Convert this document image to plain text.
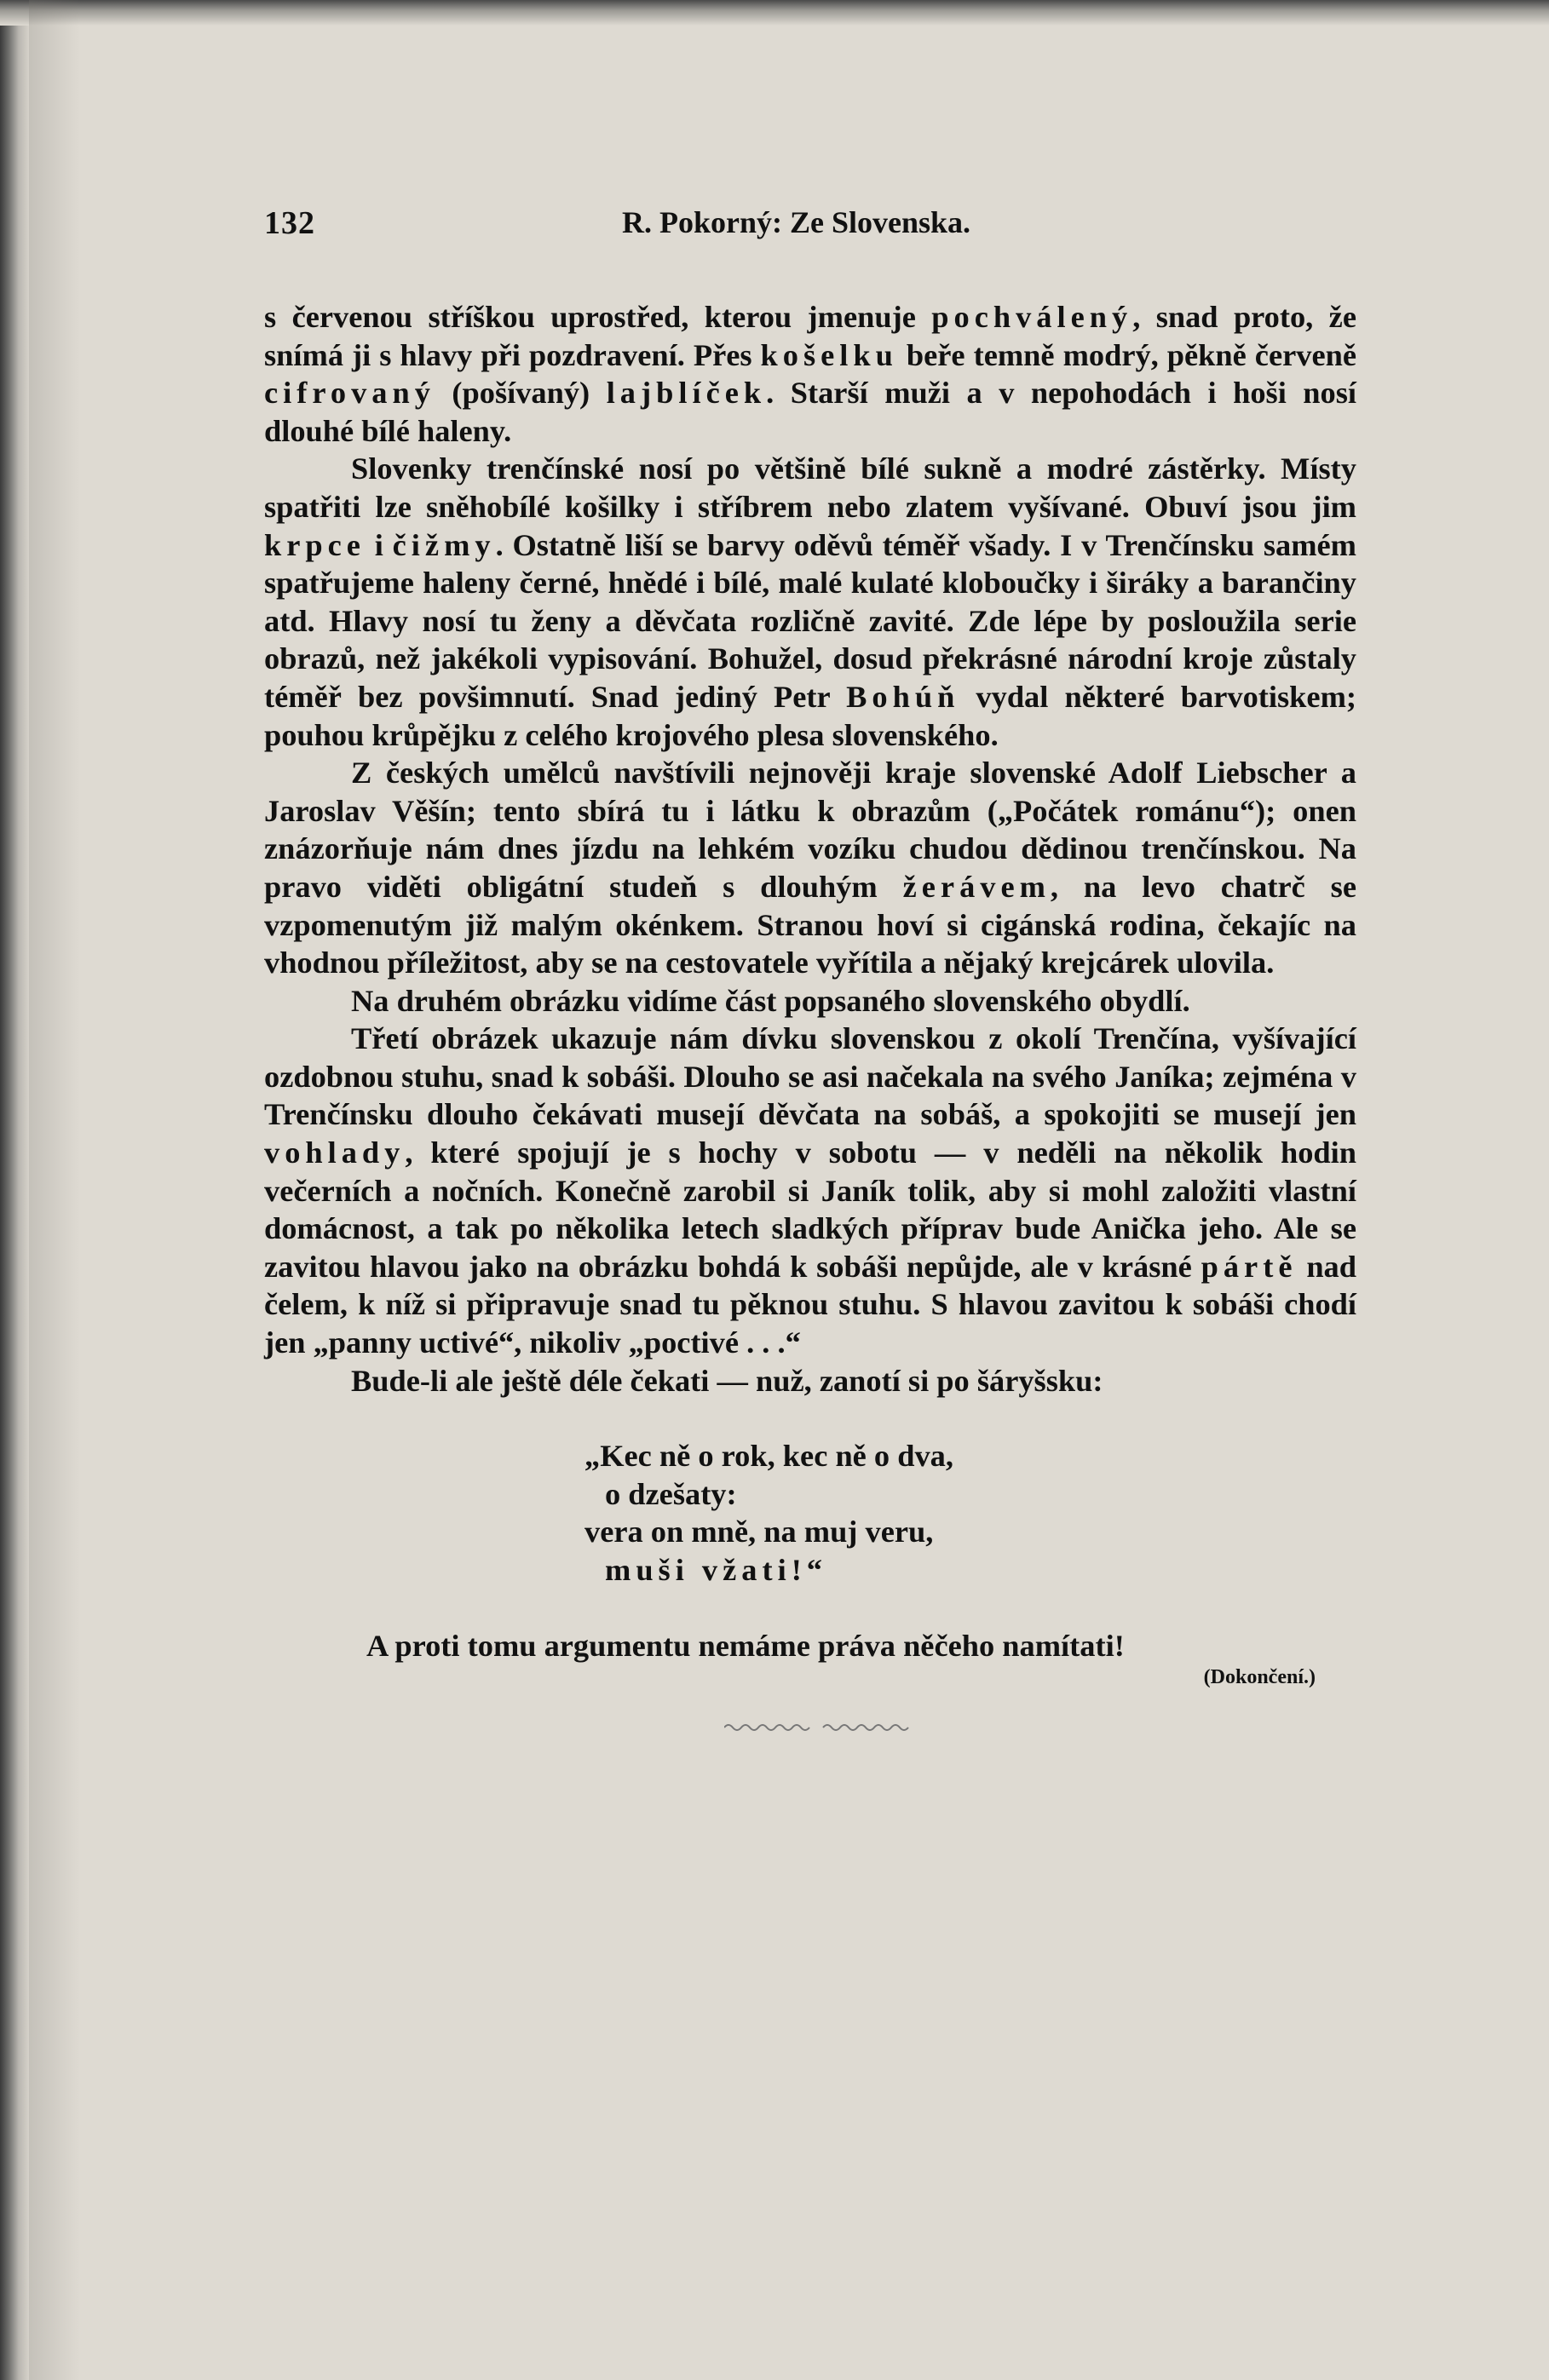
132	R. Pokorný: Ze Slovenska.

s červenou stříškou uprostřed, kterou jmenuje pochválený, snad proto, že snímá ji s hlavy při pozdravení. Přes košelku beře temně modrý, pěkně červeně cifrovaný (pošívaný) lajblíček. Starší muži a v nepohodách i hoši nosí dlouhé bílé haleny.

Slovenky trenčínské nosí po většině bílé sukně a modré zástěrky. Místy spatřiti lze sněhobílé košilky i stříbrem nebo zlatem vyšívané. Obuví jsou jim krpce i čižmy. Ostatně liší se barvy oděvů téměř všady. I v Trenčínsku samém spatřujeme haleny černé, hnědé i bílé, malé kulaté kloboučky i širáky a barančiny atd. Hlavy nosí tu ženy a děvčata rozličně zavité. Zde lépe by posloužila serie obrazů, než jakékoli vypisování. Bohužel, dosud překrásné národní kroje zůstaly téměř bez povšimnutí. Snad jediný Petr Bohúň vydal některé barvotiskem; pouhou krůpějku z celého krojového plesa slovenského.

Z českých umělců navštívili nejnověji kraje slovenské Adolf Liebscher a Jaroslav Věšín; tento sbírá tu i látku k obrazům („Počátek románu“); onen znázorňuje nám dnes jízdu na lehkém vozíku chudou dědinou trenčínskou. Na pravo viděti obligátní studeň s dlouhým žerávem, na levo chatrč se vzpomenutým již malým okénkem. Stranou hoví si cigánská rodina, čekajíc na vhodnou příležitost, aby se na cestovatele vyřítila a nějaký krejcárek ulovila.

Na druhém obrázku vidíme část popsaného slovenského obydlí.

Třetí obrázek ukazuje nám dívku slovenskou z okolí Trenčína, vyšívající ozdobnou stuhu, snad k sobáši. Dlouho se asi načekala na svého Janíka; zejména v Trenčínsku dlouho čekávati musejí děvčata na sobáš, a spokojiti se musejí jen vohlady, které spojují je s hochy v sobotu — v neděli na několik hodin večerních a nočních. Konečně zarobil si Janík tolik, aby si mohl založiti vlastní domácnost, a tak po několika letech sladkých příprav bude Anička jeho. Ale se zavitou hlavou jako na obrázku bohdá k sobáši nepůjde, ale v krásné pártě nad čelem, k níž si připravuje snad tu pěknou stuhu. S hlavou zavitou k sobáši chodí jen „panny uctivé“, nikoliv „poctivé . . .“

Bude-li ale ještě déle čekati — nuž, zanotí si po šáryšsku:

„Kec ně o rok, kec ně o dva,
o dzešaty:
vera on mně, na muj veru,
muši vžati!“

A proti tomu argumentu nemáme práva něčeho namítati!

(Dokončení.)
